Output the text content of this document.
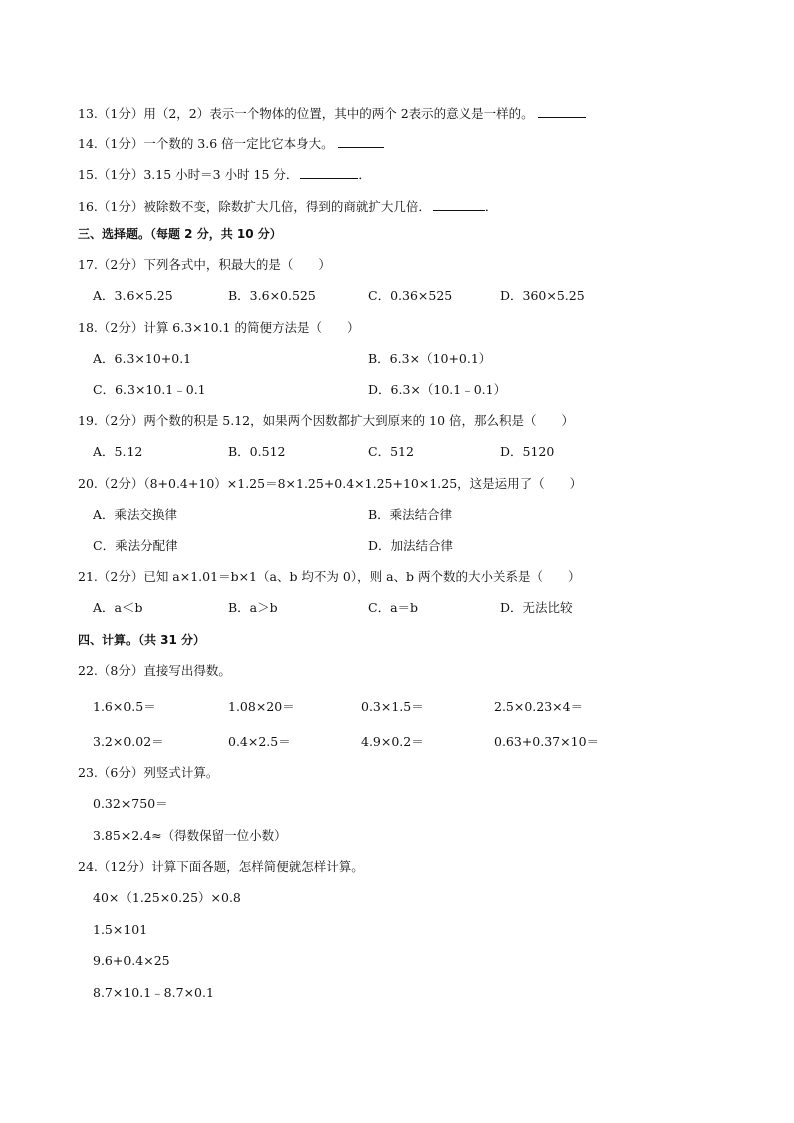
13.（1分）用（2，2）表示一个物体的位置，其中的两个 2表示的意义是一样的。
14.（1分）一个数的 3.6 倍一定比它本身大。
15.（1分）3.15 小时＝3 小时 15 分．	．
16.（1分）被除数不变，除数扩大几倍，得到的商就扩大几倍．	．
三、选择题。（每题 2 分，共 10 分）
17.（2分）下列各式中，积最大的是（　　）
A．3.6×5.25	B．3.6×0.525	C．0.36×525	D．360×5.25
18.（2分）计算 6.3×10.1 的简便方法是（　　）
A．6.3×10+0.1	B．6.3×（10+0.1）
C．6.3×10.1﹣0.1	D．6.3×（10.1﹣0.1）
19.（2分）两个数的积是 5.12，如果两个因数都扩大到原来的 10 倍，那么积是（　　）
A．5.12	B．0.512	C．512	D．5120
20.（2分）（8+0.4+10）×1.25＝8×1.25+0.4×1.25+10×1.25，这是运用了（　　）
A．乘法交换律	B．乘法结合律
C．乘法分配律	D．加法结合律
21.（2分）已知 a×1.01＝b×1（a、b 均不为 0），则 a、b 两个数的大小关系是（　　）
A．a＜b	B．a＞b	C．a＝b	D．无法比较
四、计算。（共 31 分）
22.（8分）直接写出得数。
1.6×0.5＝	1.08×20＝	0.3×1.5＝	2.5×0.23×4＝
3.2×0.02＝	0.4×2.5＝	4.9×0.2＝	0.63+0.37×10＝
23.（6分）列竖式计算。
0.32×750＝
3.85×2.4≈（得数保留一位小数）
24.（12分）计算下面各题，怎样简便就怎样计算。
40×（1.25×0.25）×0.8
1.5×101
9.6+0.4×25
8.7×10.1﹣8.7×0.1
